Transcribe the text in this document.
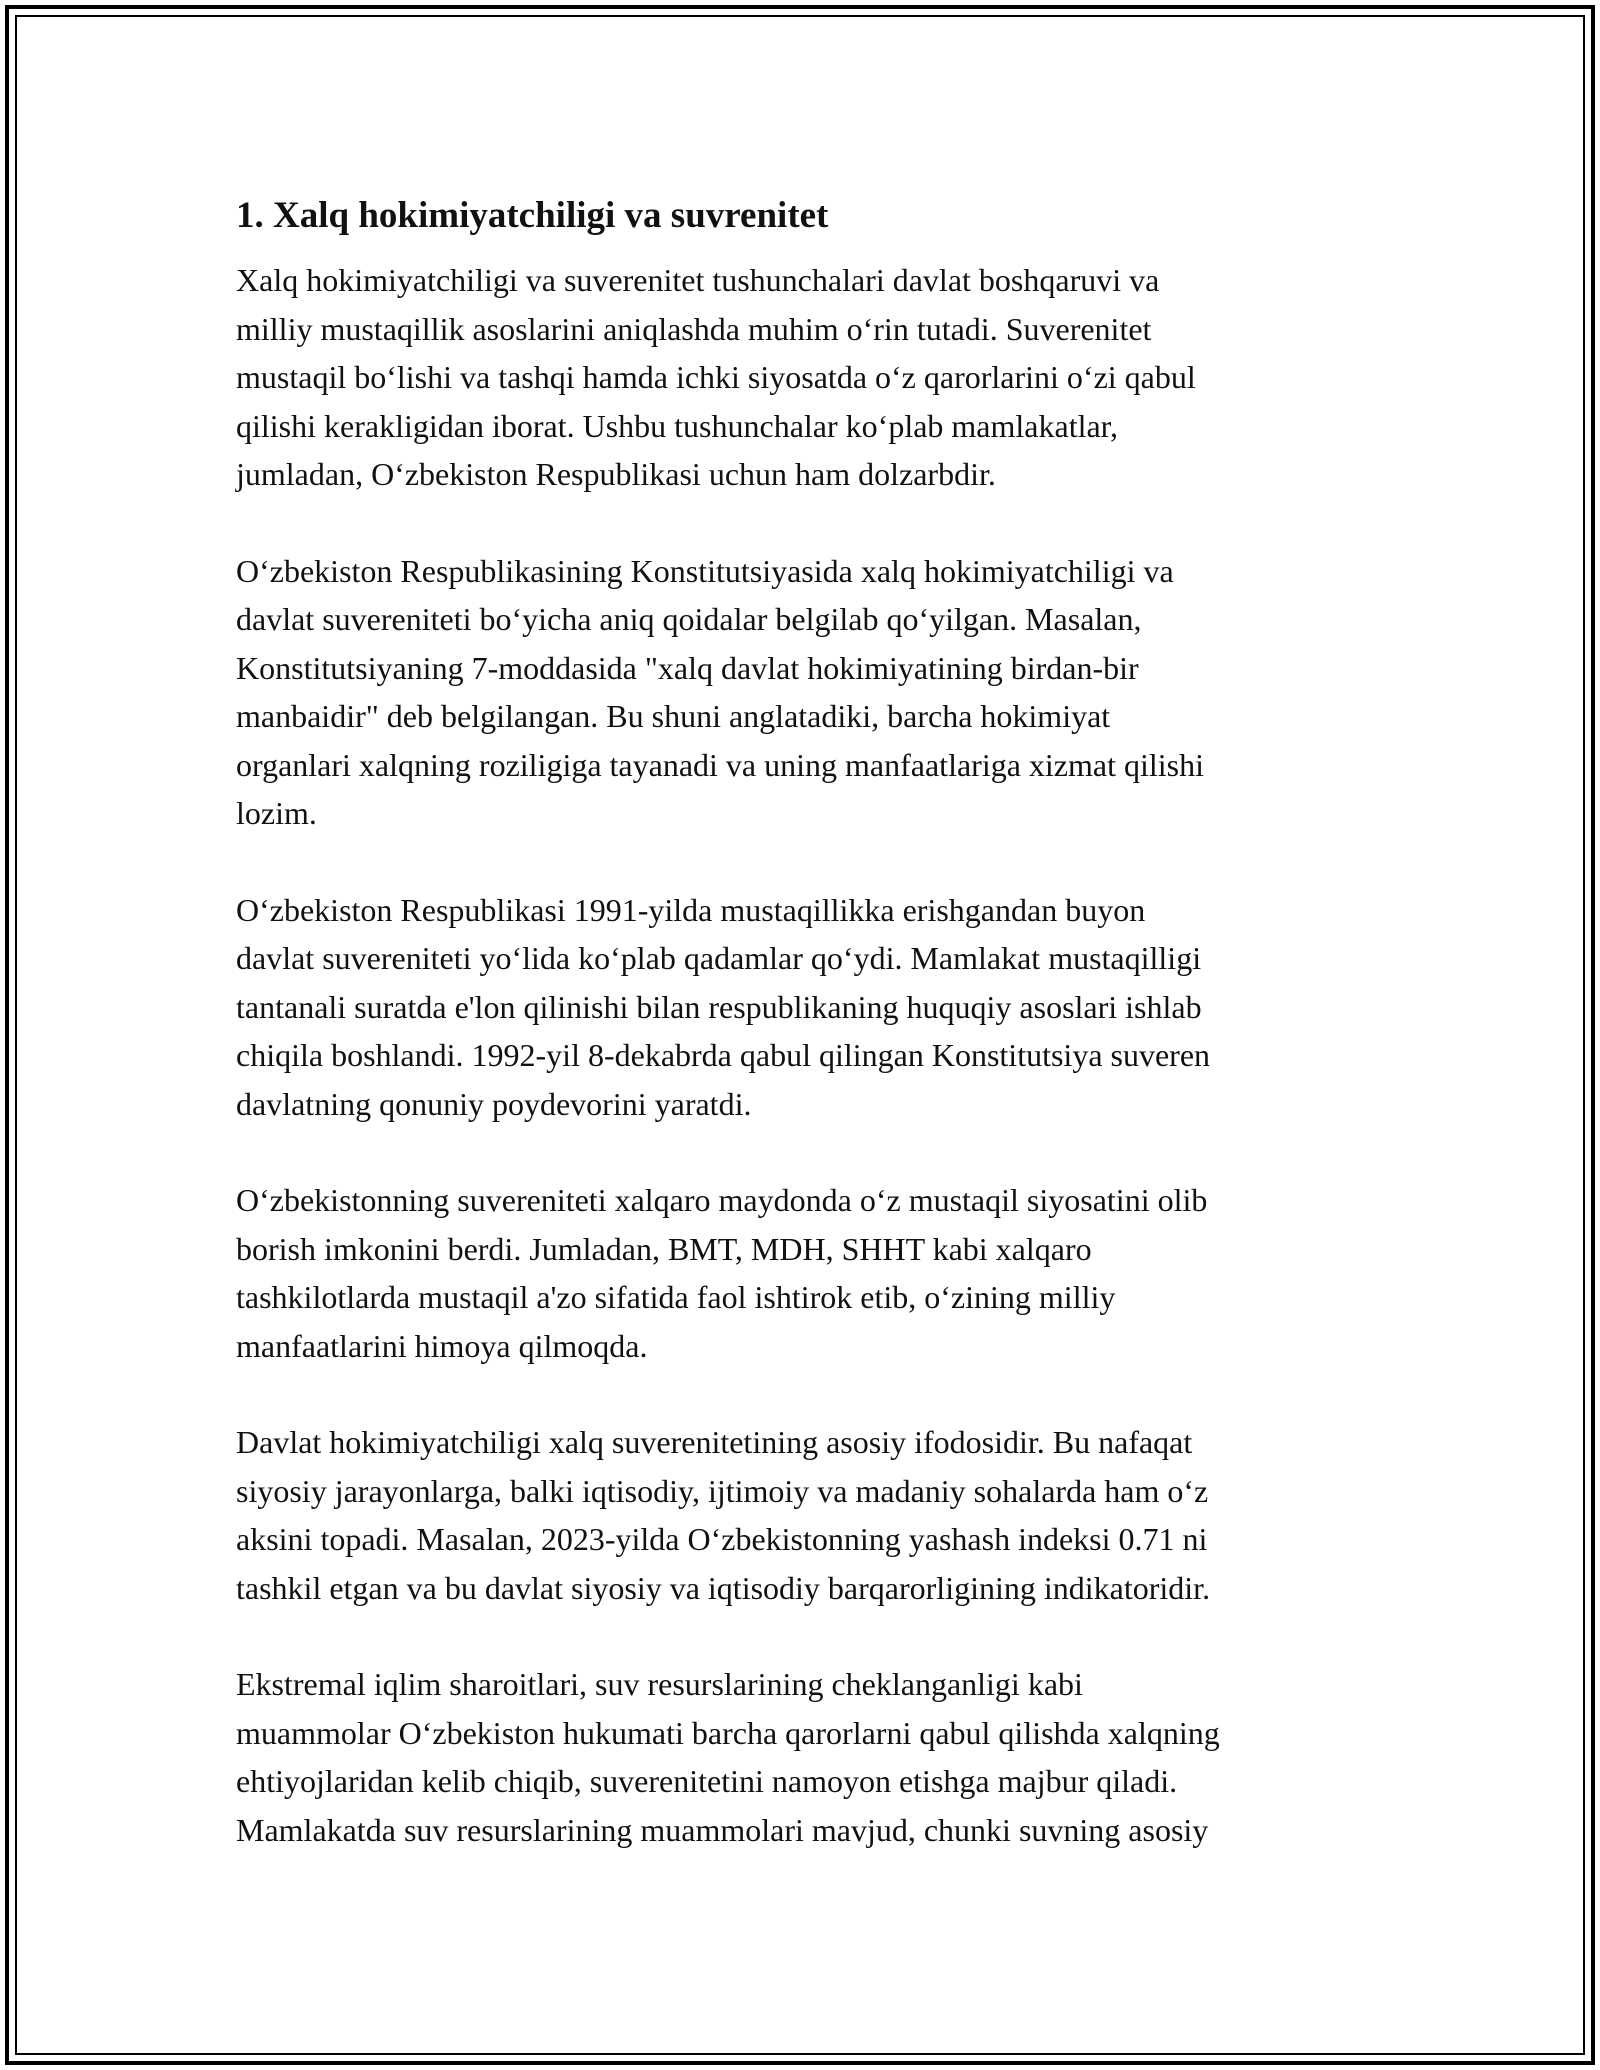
1. Xalq hokimiyatchiligi va suvrenitet

Xalq hokimiyatchiligi va suverenitet tushunchalari davlat boshqaruvi va
milliy mustaqillik asoslarini aniqlashda muhim o‘rin tutadi. Suverenitet
mustaqil bo‘lishi va tashqi hamda ichki siyosatda o‘z qarorlarini o‘zi qabul
qilishi kerakligidan iborat. Ushbu tushunchalar ko‘plab mamlakatlar,
jumladan, O‘zbekiston Respublikasi uchun ham dolzarbdir.

O‘zbekiston Respublikasining Konstitutsiyasida xalq hokimiyatchiligi va
davlat suvereniteti bo‘yicha aniq qoidalar belgilab qo‘yilgan. Masalan,
Konstitutsiyaning 7-moddasida "xalq davlat hokimiyatining birdan-bir
manbaidir" deb belgilangan. Bu shuni anglatadiki, barcha hokimiyat
organlari xalqning roziligiga tayanadi va uning manfaatlariga xizmat qilishi
lozim.

O‘zbekiston Respublikasi 1991-yilda mustaqillikka erishgandan buyon
davlat suvereniteti yo‘lida ko‘plab qadamlar qo‘ydi. Mamlakat mustaqilligi
tantanali suratda e'lon qilinishi bilan respublikaning huquqiy asoslari ishlab
chiqila boshlandi. 1992-yil 8-dekabrda qabul qilingan Konstitutsiya suveren
davlatning qonuniy poydevorini yaratdi.

O‘zbekistonning suvereniteti xalqaro maydonda o‘z mustaqil siyosatini olib
borish imkonini berdi. Jumladan, BMT, MDH, SHHT kabi xalqaro
tashkilotlarda mustaqil a'zo sifatida faol ishtirok etib, o‘zining milliy
manfaatlarini himoya qilmoqda.

Davlat hokimiyatchiligi xalq suverenitetining asosiy ifodosidir. Bu nafaqat
siyosiy jarayonlarga, balki iqtisodiy, ijtimoiy va madaniy sohalarda ham o‘z
aksini topadi. Masalan, 2023-yilda O‘zbekistonning yashash indeksi 0.71 ni
tashkil etgan va bu davlat siyosiy va iqtisodiy barqarorligining indikatoridir.

Ekstremal iqlim sharoitlari, suv resurslarining cheklanganligi kabi
muammolar O‘zbekiston hukumati barcha qarorlarni qabul qilishda xalqning
ehtiyojlaridan kelib chiqib, suverenitetini namoyon etishga majbur qiladi.
Mamlakatda suv resurslarining muammolari mavjud, chunki suvning asosiy
